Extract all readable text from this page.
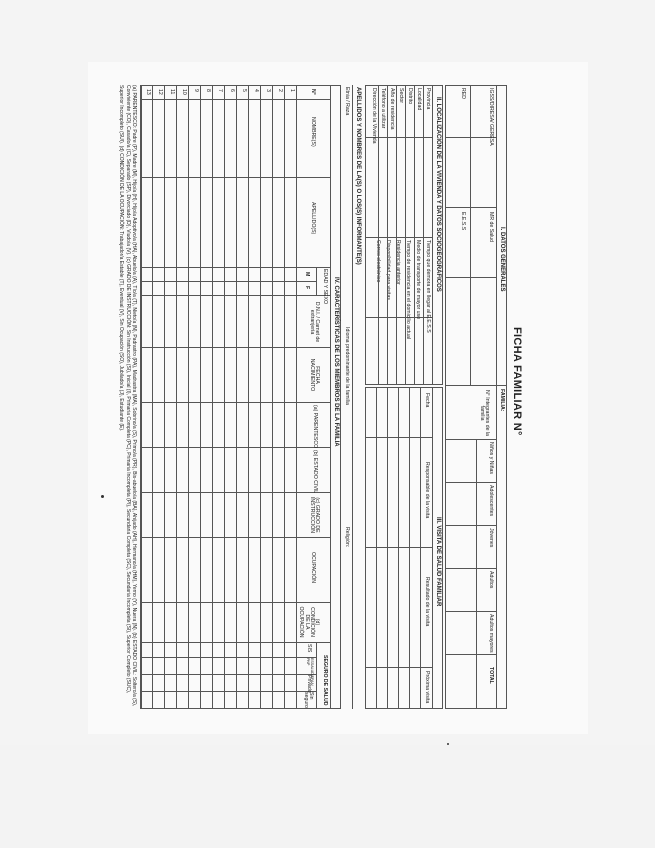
FICHA FAMILIAR N°
I. DATOS GENERALES
IGSS/DIRESA/ GERESA
RED
MR de Salud
E.E.S.S
FAMILIA:
N° Integrantes de la familia
Niños y Niñas
Adolescentes
Jóvenes
Adultos
Adultos mayores
TOTAL
II. LOCALIZACIÓN DE LA VIVIENDA Y DATOS SOCIOGEOGRÁFICOS
Provincia
Localidad
Distrito
Sector
Año de residencia
Teléfono a utilizar
Dirección de la Vivienda
Tiempo que demora en llegar al E.E.S.S
Medio de transporte de mayor uso
Tiempo de residencia en el domicilio actual
Residencia anterior
Disponibilidad para visitas
Correo electrónico
III. VISITA DE SALUD FAMILIAR
Fecha
Responsable de la visita
Resultado de la visita
Próxima visita
APELLIDOS Y NOMBRES DE LA(S) O LOS(S) INFORMANTE(S)
Etnia / Raza
Idioma predominante de la familia
Religión:
IV. CARACTERÍSTICAS DE LOS MIEMBROS DE LA FAMILIA
N°
NOMBRE(S)
APELLIDO(S)
EDAD Y SEXO
M
F
D.N.I. / Carnet de extranjería
FECHA NACIMIENTO
(a) PARENTESCO
(b) ESTADO CIVIL
(c) GRADO DE INSTRUCCIÓN
OCUPACIÓN
(d) CONDICIÓN DE LA OCUPACIÓN
SEGURO DE SALUD
SIS
ESSALUD/FFAA/ PNP
Privado
Sin seguro
1
2
3
4
5
6
7
8
9
10
11
12
13
(a) PARENTESCO: Padre (P), Madre (M), Hijo/a (H), Hijo/a Adoptivo/a (HA), Abuelo/a (A), Tío/a (T), Nieto/a (N), Padrastro (PA), Madrastra (MA), Sobrino/a (S), Primo/a (PR), Bis-abuelo/a (BA), Ahijado (AH), Hermano/a (HM), Yerno (Y), Nuera (N). (b) ESTADO CIVIL: Soltero/a (S), Conviviente (CO), Casado/a (C), Separado (SP), Divorciado (D), Viudo/a (V). (c) GRADO DE INSTRUCCIÓN: Sin Instrucción (SI), Inicial (I), Primaria Completa (PC), Primaria Incompleta (PI), Secundaria Completa (SC), Secundaria Incompleta (SI), Superior Completo (SUC), Superior Incompleto (SUI). (d) CONDICIÓN DE LA OCUPACIÓN: Trabajador/a Estable (T), Eventual (V), Sin Ocupación (SO), Jubilado/a (J), Estudiante (E).
